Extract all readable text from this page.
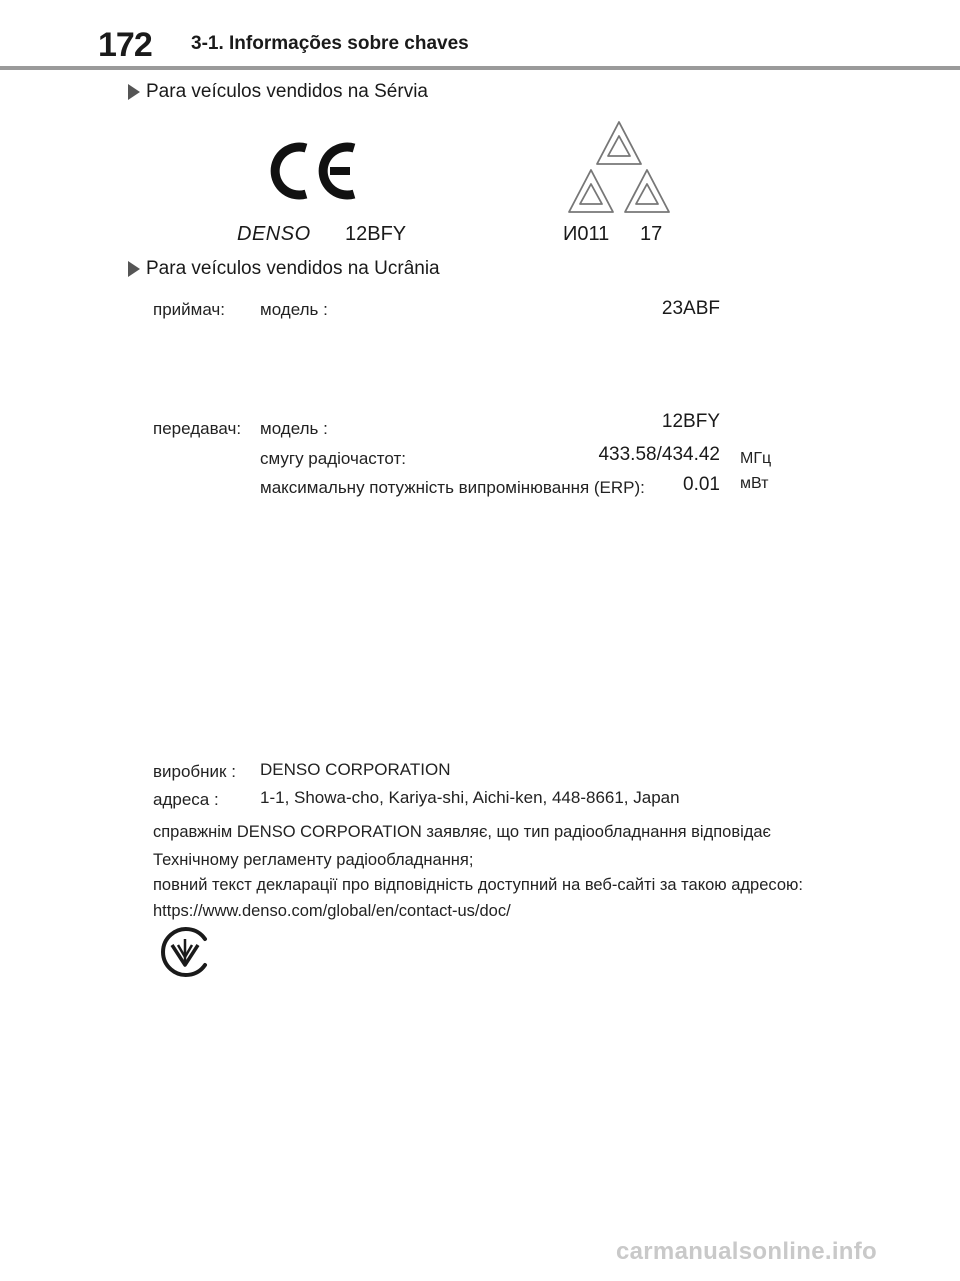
172 3-1. Informações sobre chaves
Para veículos vendidos na Sérvia
DENSO 12BFY	И011 17
Para veículos vendidos na Ucrânia
приймач: модель :	23ABF
передавач: модель :	12BFY
смугу радіочастот:	433.58/434.42 МГц
максимальну потужність випромінювання (ERP): 0.01 мВт
виробник : DENSO CORPORATION
адреса : 1-1, Showa-cho, Kariya-shi, Aichi-ken, 448-8661, Japan
справжнім DENSO CORPORATION заявляє, що тип радіообладнання відповідає
Технічному регламенту радіообладнання;
повний текст декларації про відповідність доступний на веб-сайті за такою адресою:
https://www.denso.com/global/en/contact-us/doc/
carmanualsonline.info
